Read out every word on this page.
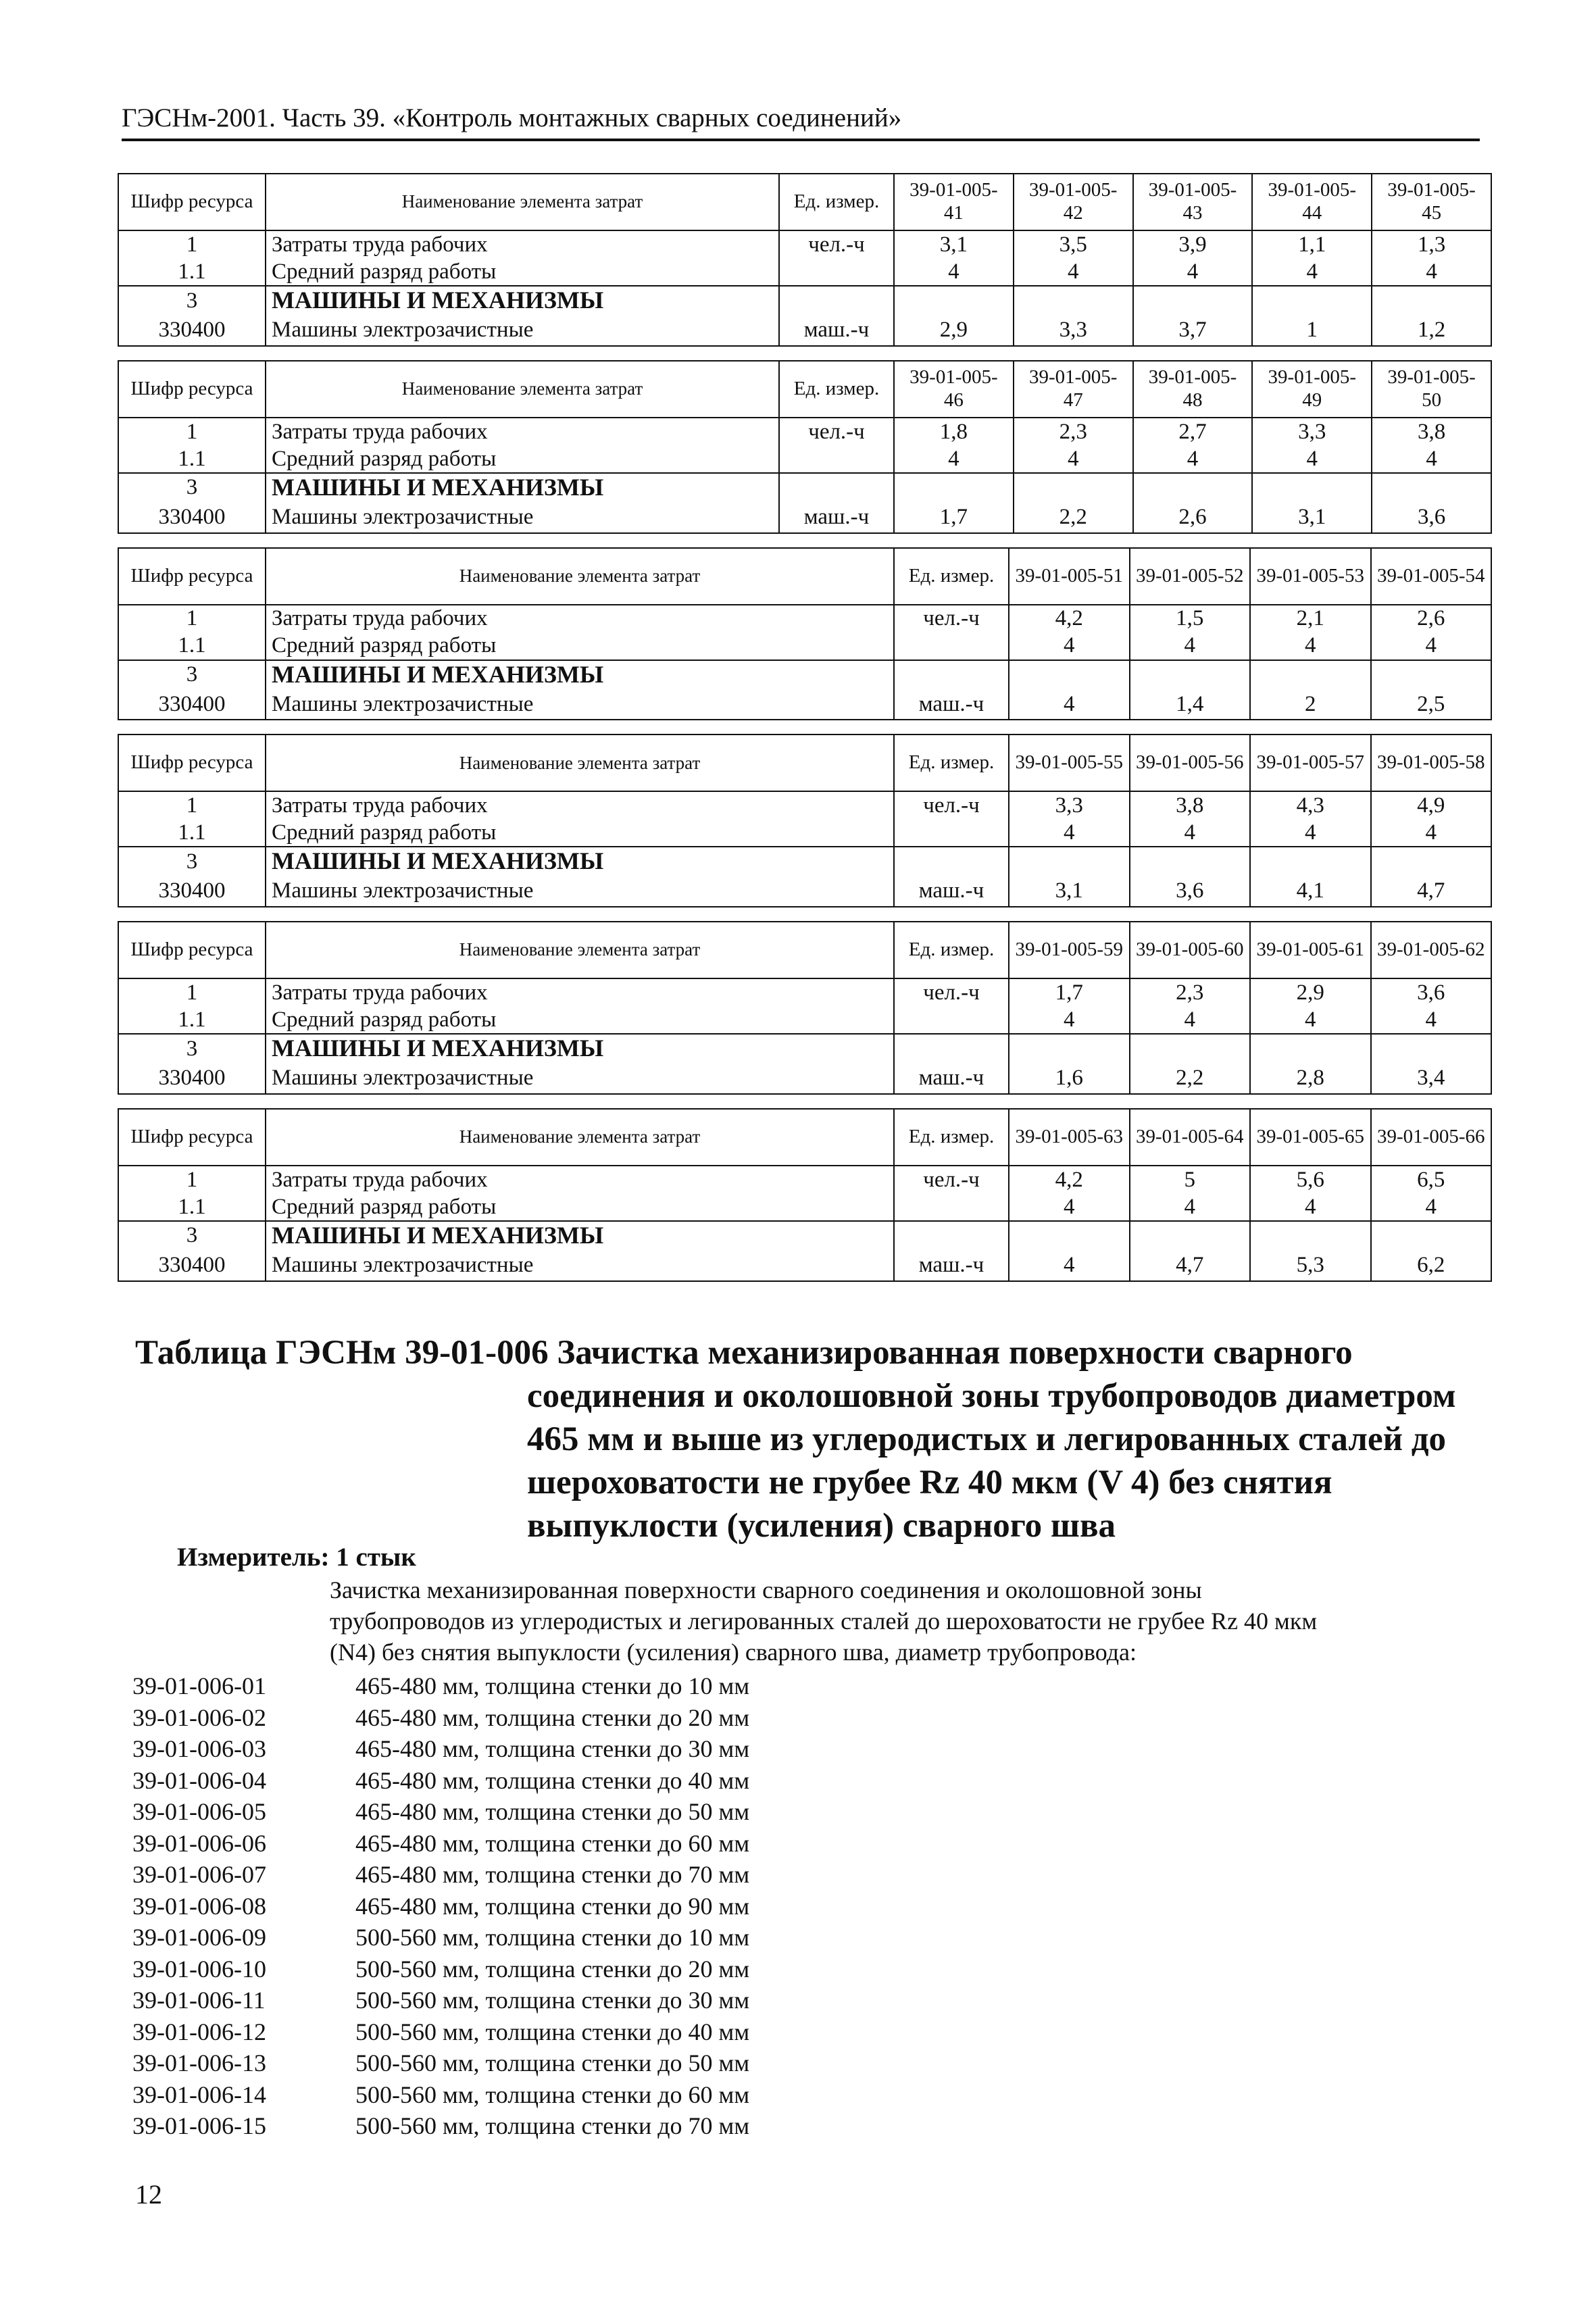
ГЭСНм-2001. Часть 39. «Контроль монтажных сварных соединений»
Шифр ресурса	Наименование элемента затрат	Ед. измер.	39-01-005-41	39-01-005-42	39-01-005-43	39-01-005-44	39-01-005-45
1	Затраты труда рабочих	чел.-ч	3,1	3,5	3,9	1,1	1,3
1.1	Средний разряд работы		4	4	4	4	4
3	МАШИНЫ И МЕХАНИЗМЫ						
330400	Машины электрозачистные	маш.-ч	2,9	3,3	3,7	1	1,2
Шифр ресурса	Наименование элемента затрат	Ед. измер.	39-01-005-46	39-01-005-47	39-01-005-48	39-01-005-49	39-01-005-50
1	Затраты труда рабочих	чел.-ч	1,8	2,3	2,7	3,3	3,8
1.1	Средний разряд работы		4	4	4	4	4
3	МАШИНЫ И МЕХАНИЗМЫ						
330400	Машины электрозачистные	маш.-ч	1,7	2,2	2,6	3,1	3,6
Шифр ресурса	Наименование элемента затрат	Ед. измер.	39-01-005-51	39-01-005-52	39-01-005-53	39-01-005-54
1	Затраты труда рабочих	чел.-ч	4,2	1,5	2,1	2,6
1.1	Средний разряд работы		4	4	4	4
3	МАШИНЫ И МЕХАНИЗМЫ					
330400	Машины электрозачистные	маш.-ч	4	1,4	2	2,5
Шифр ресурса	Наименование элемента затрат	Ед. измер.	39-01-005-55	39-01-005-56	39-01-005-57	39-01-005-58
1	Затраты труда рабочих	чел.-ч	3,3	3,8	4,3	4,9
1.1	Средний разряд работы		4	4	4	4
3	МАШИНЫ И МЕХАНИЗМЫ					
330400	Машины электрозачистные	маш.-ч	3,1	3,6	4,1	4,7
Шифр ресурса	Наименование элемента затрат	Ед. измер.	39-01-005-59	39-01-005-60	39-01-005-61	39-01-005-62
1	Затраты труда рабочих	чел.-ч	1,7	2,3	2,9	3,6
1.1	Средний разряд работы		4	4	4	4
3	МАШИНЫ И МЕХАНИЗМЫ					
330400	Машины электрозачистные	маш.-ч	1,6	2,2	2,8	3,4
Шифр ресурса	Наименование элемента затрат	Ед. измер.	39-01-005-63	39-01-005-64	39-01-005-65	39-01-005-66
1	Затраты труда рабочих	чел.-ч	4,2	5	5,6	6,5
1.1	Средний разряд работы		4	4	4	4
3	МАШИНЫ И МЕХАНИЗМЫ					
330400	Машины электрозачистные	маш.-ч	4	4,7	5,3	6,2
Таблица ГЭСНм 39-01-006 Зачистка механизированная поверхности сварного
соединения и околошовной зоны трубопроводов диаметром
465 мм и выше из углеродистых и легированных сталей до
шероховатости не грубее Rz 40 мкм (V 4) без снятия
выпуклости (усиления) сварного шва
Измеритель: 1 стык
Зачистка механизированная поверхности сварного соединения и околошовной зоны
трубопроводов из углеродистых и легированных сталей до шероховатости не грубее Rz 40 мкм
(N4) без снятия выпуклости (усиления) сварного шва, диаметр трубопровода:
39-01-006-01	465-480 мм, толщина стенки до 10 мм
39-01-006-02	465-480 мм, толщина стенки до 20 мм
39-01-006-03	465-480 мм, толщина стенки до 30 мм
39-01-006-04	465-480 мм, толщина стенки до 40 мм
39-01-006-05	465-480 мм, толщина стенки до 50 мм
39-01-006-06	465-480 мм, толщина стенки до 60 мм
39-01-006-07	465-480 мм, толщина стенки до 70 мм
39-01-006-08	465-480 мм, толщина стенки до 90 мм
39-01-006-09	500-560 мм, толщина стенки до 10 мм
39-01-006-10	500-560 мм, толщина стенки до 20 мм
39-01-006-11	500-560 мм, толщина стенки до 30 мм
39-01-006-12	500-560 мм, толщина стенки до 40 мм
39-01-006-13	500-560 мм, толщина стенки до 50 мм
39-01-006-14	500-560 мм, толщина стенки до 60 мм
39-01-006-15	500-560 мм, толщина стенки до 70 мм
12
